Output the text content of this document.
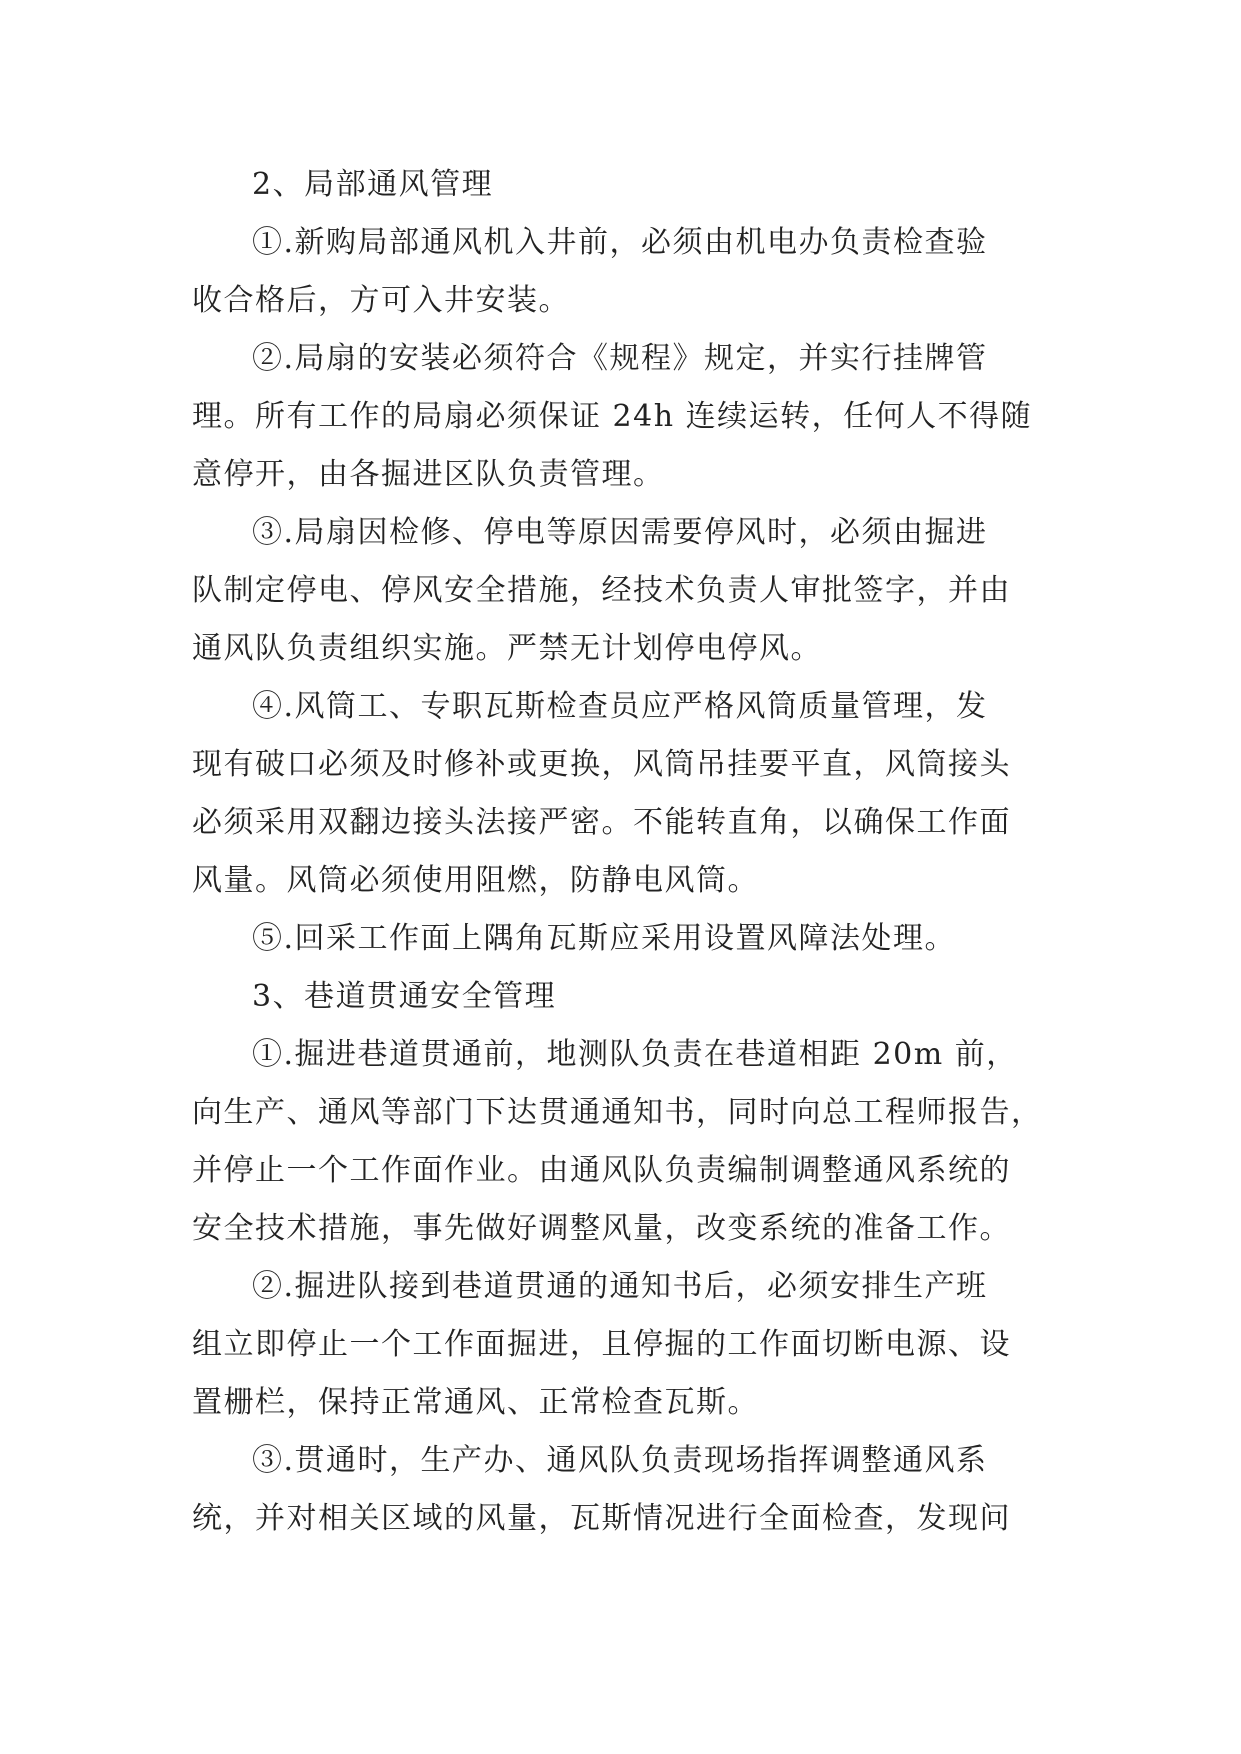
2、局部通风管理
①.新购局部通风机入井前，必须由机电办负责检查验
收合格后，方可入井安装。
②.局扇的安装必须符合《规程》规定，并实行挂牌管
理。所有工作的局扇必须保证 24h 连续运转，任何人不得随
意停开，由各掘进区队负责管理。
③.局扇因检修、停电等原因需要停风时，必须由掘进
队制定停电、停风安全措施，经技术负责人审批签字，并由
通风队负责组织实施。严禁无计划停电停风。
④.风筒工、专职瓦斯检查员应严格风筒质量管理，发
现有破口必须及时修补或更换，风筒吊挂要平直，风筒接头
必须采用双翻边接头法接严密。不能转直角，以确保工作面
风量。风筒必须使用阻燃，防静电风筒。
⑤.回采工作面上隅角瓦斯应采用设置风障法处理。
3、巷道贯通安全管理
①.掘进巷道贯通前，地测队负责在巷道相距 20m 前，
向生产、通风等部门下达贯通通知书，同时向总工程师报告，
并停止一个工作面作业。由通风队负责编制调整通风系统的
安全技术措施，事先做好调整风量，改变系统的准备工作。
②.掘进队接到巷道贯通的通知书后，必须安排生产班
组立即停止一个工作面掘进，且停掘的工作面切断电源、设
置栅栏，保持正常通风、正常检查瓦斯。
③.贯通时，生产办、通风队负责现场指挥调整通风系
统，并对相关区域的风量，瓦斯情况进行全面检查，发现问
